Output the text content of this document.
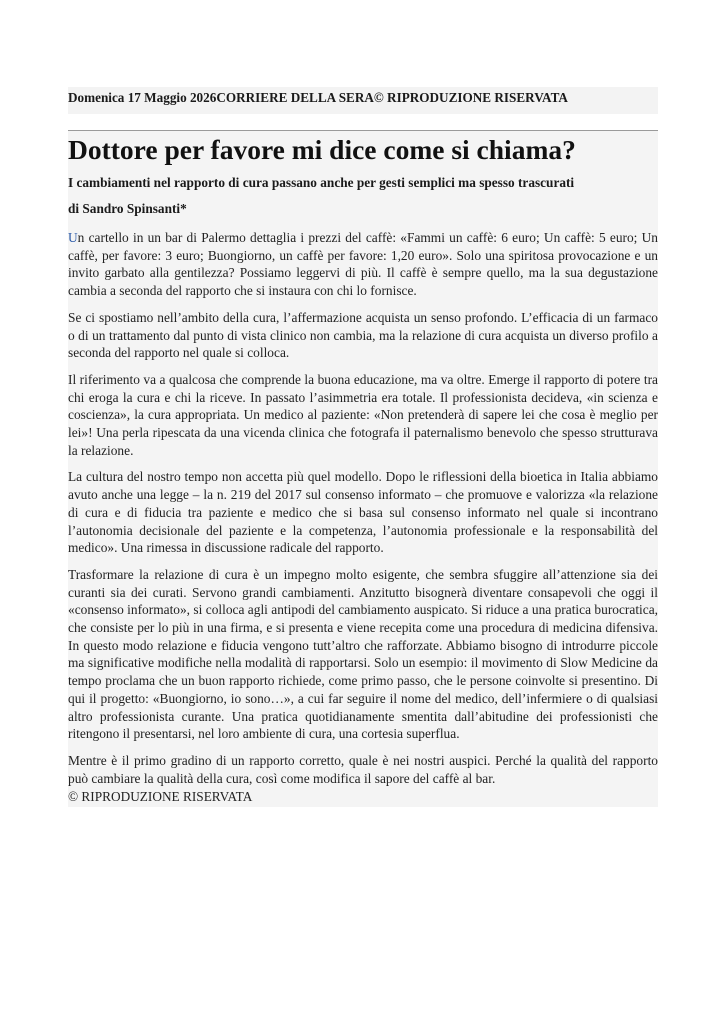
Domenica 17 Maggio 2026CORRIERE DELLA SERA© RIPRODUZIONE RISERVATA
Dottore per favore mi dice come si chiama?
I cambiamenti nel rapporto di cura passano anche per gesti semplici ma spesso trascurati
di Sandro Spinsanti*

Un cartello in un bar di Palermo dettaglia i prezzi del caffè: «Fammi un caffè: 6 euro; Un caffè: 5 euro; Un caffè, per favore: 3 euro; Buongiorno, un caffè per favore: 1,20 euro». Solo una spiritosa provocazione e un invito garbato alla gentilezza? Possiamo leggervi di più. Il caffè è sempre quello, ma la sua degustazione cambia a seconda del rapporto che si instaura con chi lo fornisce.

Se ci spostiamo nell’ambito della cura, l’affermazione acquista un senso profondo. L’efficacia di un farmaco o di un trattamento dal punto di vista clinico non cambia, ma la relazione di cura acquista un diverso profilo a seconda del rapporto nel quale si colloca.

Il riferimento va a qualcosa che comprende la buona educazione, ma va oltre. Emerge il rapporto di potere tra chi eroga la cura e chi la riceve. In passato l’asimmetria era totale. Il professionista decideva, «in scienza e coscienza», la cura appropriata. Un medico al paziente: «Non pretenderà di sapere lei che cosa è meglio per lei»! Una perla ripescata da una vicenda clinica che fotografa il paternalismo benevolo che spesso strutturava la relazione.

La cultura del nostro tempo non accetta più quel modello. Dopo le riflessioni della bioetica in Italia abbiamo avuto anche una legge – la n. 219 del 2017 sul consenso informato – che promuove e valorizza «la relazione di cura e di fiducia tra paziente e medico che si basa sul consenso informato nel quale si incontrano l’autonomia decisionale del paziente e la competenza, l’autonomia professionale e la responsabilità del medico». Una rimessa in discussione radicale del rapporto.

Trasformare la relazione di cura è un impegno molto esigente, che sembra sfuggire all’attenzione sia dei curanti sia dei curati. Servono grandi cambiamenti. Anzitutto bisognerà diventare consapevoli che oggi il «consenso informato», si colloca agli antipodi del cambiamento auspicato. Si riduce a una pratica burocratica, che consiste per lo più in una firma, e si presenta e viene recepita come una procedura di medicina difensiva. In questo modo relazione e fiducia vengono tutt’altro che rafforzate. Abbiamo bisogno di introdurre piccole ma significative modifiche nella modalità di rapportarsi. Solo un esempio: il movimento di Slow Medicine da tempo proclama che un buon rapporto richiede, come primo passo, che le persone coinvolte si presentino. Di qui il progetto: «Buongiorno, io sono…», a cui far seguire il nome del medico, dell’infermiere o di qualsiasi altro professionista curante. Una pratica quotidianamente smentita dall’abitudine dei professionisti che ritengono il presentarsi, nel loro ambiente di cura, una cortesia superflua.

Mentre è il primo gradino di un rapporto corretto, quale è nei nostri auspici. Perché la qualità del rapporto può cambiare la qualità della cura, così come modifica il sapore del caffè al bar.

© RIPRODUZIONE RISERVATA
